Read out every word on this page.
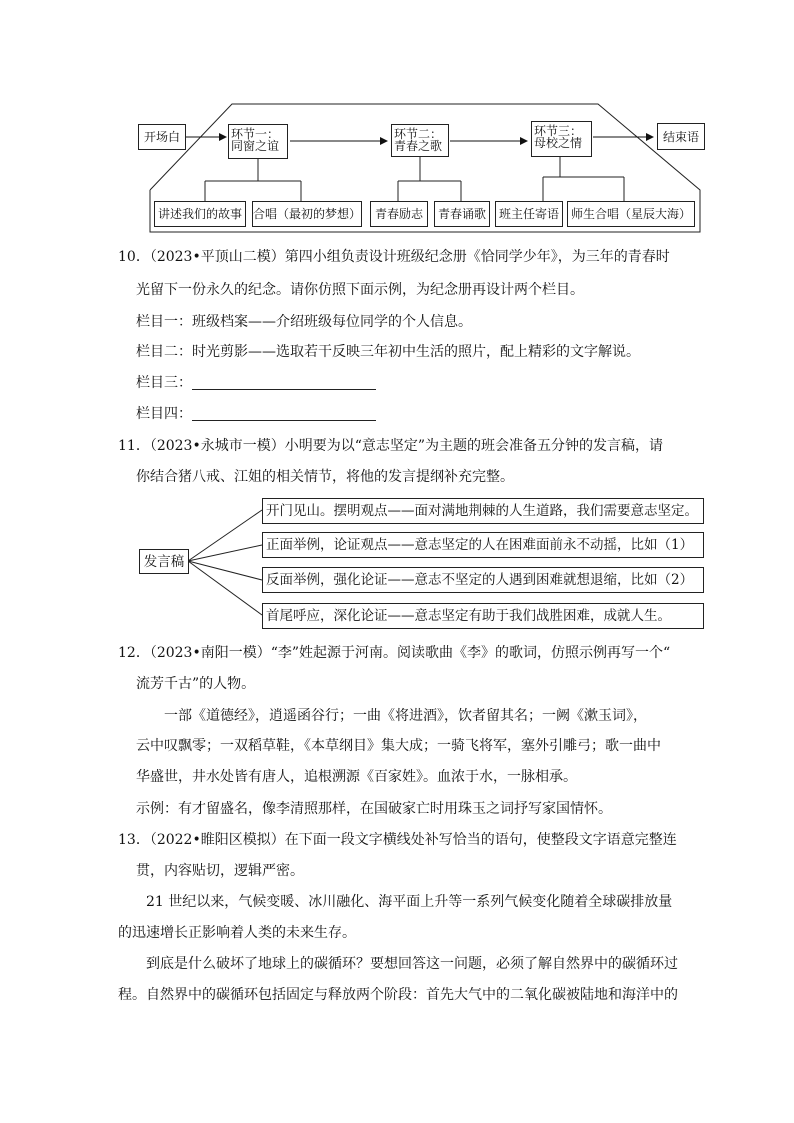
开场白	环节一：
同窗之谊
环节二：
青春之歌
环节三：
母校之情	结束语
讲述我们的故事 合唱（最初的梦想） 青春励志 青春诵歌 班主任寄语 师生合唱（星辰大海）
10．（2023•平顶山二模）第四小组负责设计班级纪念册《恰同学少年》，为三年的青春时
光留下一份永久的纪念。请你仿照下面示例，为纪念册再设计两个栏目。
栏目一：班级档案——介绍班级每位同学的个人信息。
栏目二：时光剪影——选取若干反映三年初中生活的照片，配上精彩的文字解说。
栏目三：
栏目四：
11．（2023•永城市一模）小明要为以“意志坚定”为主题的班会准备五分钟的发言稿，请
你结合猪八戒、江姐的相关情节，将他的发言提纲补充完整。
发言稿
开门见山。摆明观点——面对满地荆棘的人生道路，我们需要意志坚定。
正面举例，论证观点——意志坚定的人在困难面前永不动摇，比如（1）
反面举例，强化论证——意志不坚定的人遇到困难就想退缩，比如（2）
首尾呼应，深化论证——意志坚定有助于我们战胜困难，成就人生。
12．（2023•南阳一模）“李”姓起源于河南。阅读歌曲《李》的歌词，仿照示例再写一个“
流芳千古”的人物。
一部《道德经》，逍遥函谷行；一曲《将进酒》，饮者留其名；一阙《漱玉词》，
云中叹飘零；一双稻草鞋，《本草纲目》集大成；一骑飞将军，塞外引雕弓；歌一曲中
华盛世，井水处皆有唐人，追根溯源《百家姓》。血浓于水，一脉相承。
示例：有才留盛名，像李清照那样，在国破家亡时用珠玉之词抒写家国情怀。
13．（2022•睢阳区模拟）在下面一段文字横线处补写恰当的语句，使整段文字语意完整连
贯，内容贴切，逻辑严密。
21 世纪以来，气候变暖、冰川融化、海平面上升等一系列气候变化随着全球碳排放量
的迅速增长正影响着人类的未来生存。
到底是什么破坏了地球上的碳循环？要想回答这一问题，必须了解自然界中的碳循环过
程。自然界中的碳循环包括固定与释放两个阶段：首先大气中的二氧化碳被陆地和海洋中的
